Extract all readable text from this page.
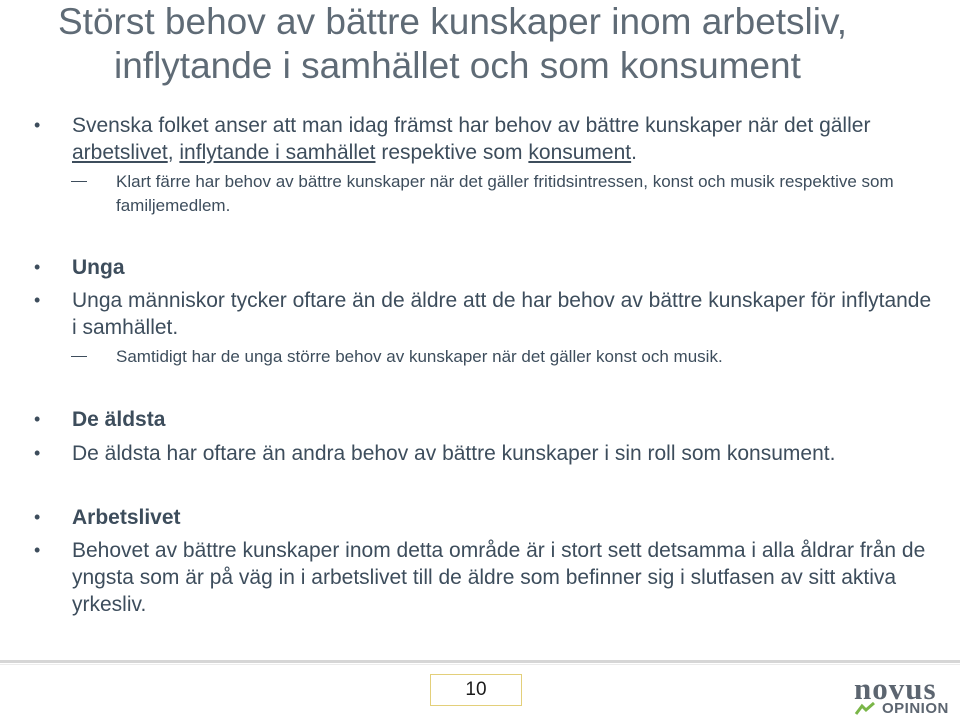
Störst behov av bättre kunskaper inom arbetsliv,
inflytande i samhället och som konsument
• Svenska folket anser att man idag främst har behov av bättre kunskaper när det gäller arbetslivet, inflytande i samhället respektive som konsument.
Klart färre har behov av bättre kunskaper när det gäller fritidsintressen, konst och musik respektive som familjemedlem.
• Unga
• Unga människor tycker oftare än de äldre att de har behov av bättre kunskaper för inflytande i samhället.
Samtidigt har de unga större behov av kunskaper när det gäller konst och musik.
• De äldsta
• De äldsta har oftare än andra behov av bättre kunskaper i sin roll som konsument.
• Arbetslivet
• Behovet av bättre kunskaper inom detta område är i stort sett detsamma i alla åldrar från de yngsta som är på väg in i arbetslivet till de äldre som befinner sig i slutfasen av sitt aktiva yrkesliv.
10	novus
OPINION
